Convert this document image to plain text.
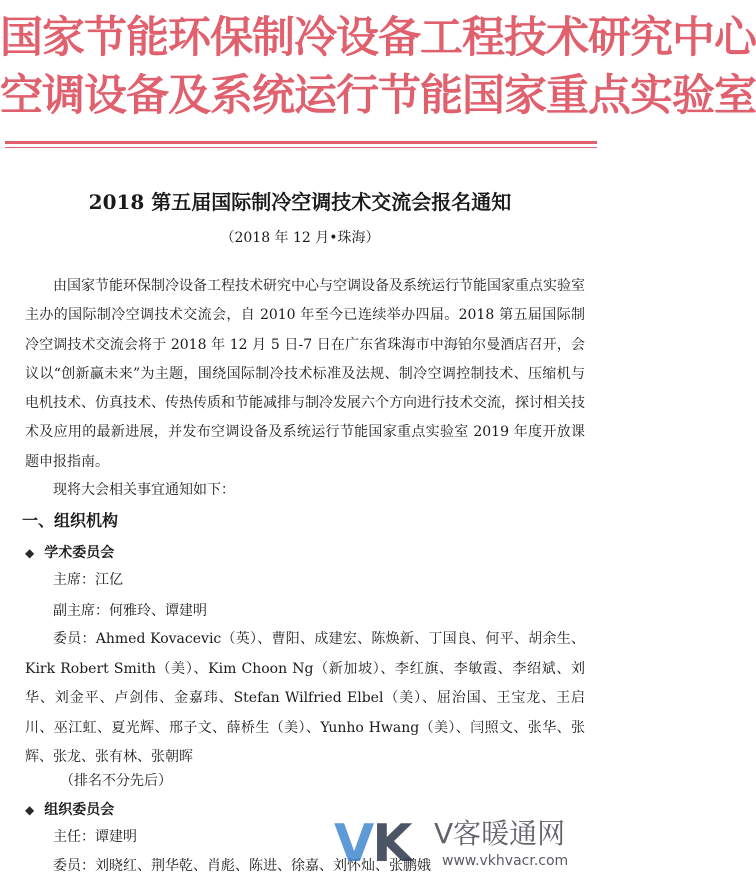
国家节能环保制冷设备工程技术研究中心
空调设备及系统运行节能国家重点实验室
2018 第五届国际制冷空调技术交流会报名通知
（2018 年 12 月•珠海）

由国家节能环保制冷设备工程技术研究中心与空调设备及系统运行节能国家重点实验室主办的国际制冷空调技术交流会，自 2010 年至今已连续举办四届。2018 第五届国际制冷空调技术交流会将于 2018 年 12 月 5 日-7 日在广东省珠海市中海铂尔曼酒店召开，会议以“创新赢未来”为主题，围绕国际制冷技术标准及法规、制冷空调控制技术、压缩机与电机技术、仿真技术、传热传质和节能减排与制冷发展六个方向进行技术交流，探讨相关技术及应用的最新进展，并发布空调设备及系统运行节能国家重点实验室 2019 年度开放课题申报指南。

现将大会相关事宜通知如下：
一、组织机构
◆ 学术委员会
主席：江亿
副主席：何雅玲、谭建明

委员：Ahmed Kovacevic（英）、曹阳、成建宏、陈焕新、丁国良、何平、胡余生、Kirk Robert Smith（美）、Kim Choon Ng（新加坡）、李红旗、李敏霞、李绍斌、刘华、刘金平、卢剑伟、金嘉玮、Stefan Wilfried Elbel（美）、屈治国、王宝龙、王启川、巫江虹、夏光辉、邢子文、薛桥生（美）、Yunho Hwang（美）、闫照文、张华、张辉、张龙、张有林、张朝晖

（排名不分先后）
◆ 组织委员会
主任：谭建明
委员：刘晓红、荆华乾、肖彪、陈进、徐嘉、刘怀灿、张鹏娥
VK V客暖通网
www.vkhvacr.com
